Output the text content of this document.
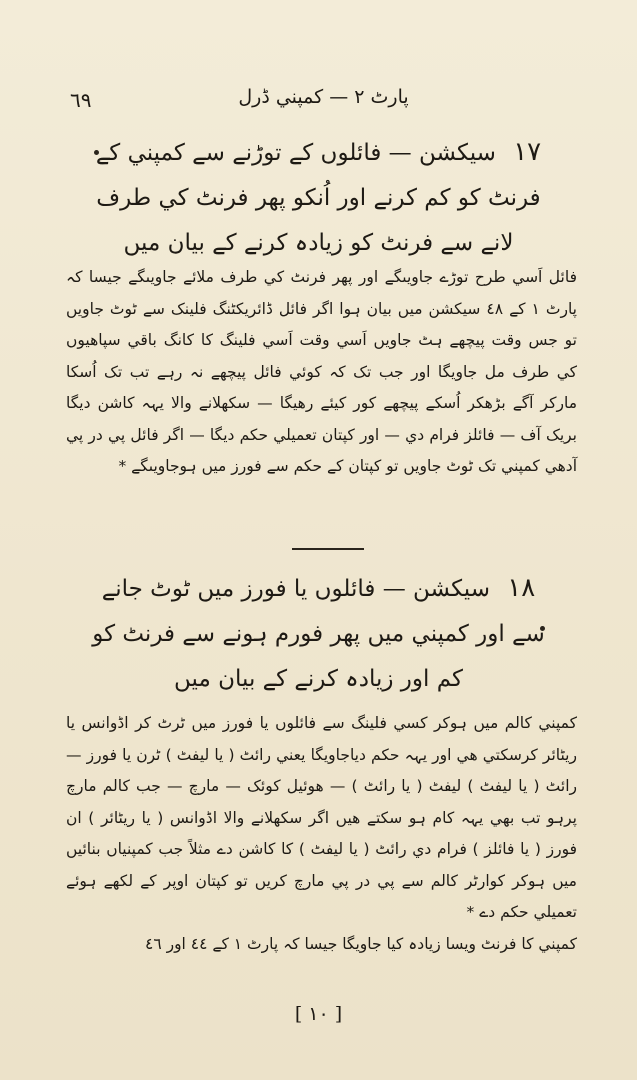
٦٩	پارٹ ٢ — کمپني ڈرل
١٧ سيکشن — فائلوں کے توڑنے سے کمپني کے
فرنٹ کو کم کرنے اور اُنکو پھر فرنٹ کي طرف
لانے سے فرنٹ کو زيادہ کرنے کے بيان ميں

فائل اَسي طرح توڑے جاويںگے اور پھر فرنٹ کي طرف ملائے جاويںگے جيسا کہ پارٹ ١ کے ٤٨ سيکشن ميں بيان ہوا اگر فائل ڈائريکٹنگ فلينک سے ٹوٹ جاويں تو جس وقت پيچھے ہٹ جاويں اَسي وقت اَسي فلينگ کا کانگ باقي سپاھيوں کي طرف مل جاويگا اور جب تک کہ کوئي فائل پيچھے نہ رہے تب تک اُسکا مارکر آگے بڑھکر اُسکے پيچھے کور کيئے رھيگا — سکھلانے والا يہہ کاشن ديگا بريک آف — فائلز فرام دي — اور کپتان تعميلي حکم ديگا — اگر فائل پي در پي آدھي کمپني تک ٹوٹ جاويں تو کپتان کے حکم سے فورز ميں ہوجاويںگے *

١٨ سيکشن — فائلوں يا فورز ميں ٹوٹ جانے
سے اور کمپني ميں پھر فورم ہونے سے فرنٹ کو
کم اور زيادہ کرنے کے بيان ميں

کمپني کالم ميں ہوکر کسي فلينگ سے فائلوں يا فورز ميں ٹرٹ کر اڈوانس يا ريٹائر کرسکتي ھي اور يہہ حکم دياجاويگا يعني رائٹ ( يا ليفٹ ) ٹرن يا فورز — رائٹ ( يا ليفٹ ) ليفٹ ( يا رائٹ ) — هوئيل کوئک — مارچ — جب کالم مارچ پرہو تب بھي يہہ کام ہو سکتے ھيں اگر سکھلانے والا اڈوانس ( يا ريٹائر ) ان فورز ( يا فائلز ) فرام دي رائٹ ( يا ليفٹ ) کا کاشن دے مثلاً جب کمپنياں بنائيں ميں ہوکر کوارٹر کالم سے پي در پي مارچ کريں تو کپتان اوپر کے لکھے ہوئے تعميلي حکم دے *

کمپني کا فرنٹ ويسا زيادہ کيا جاويگا جيسا کہ پارٹ ١ کے ٤٤ اور ٤٦

[ ١٠ ]
